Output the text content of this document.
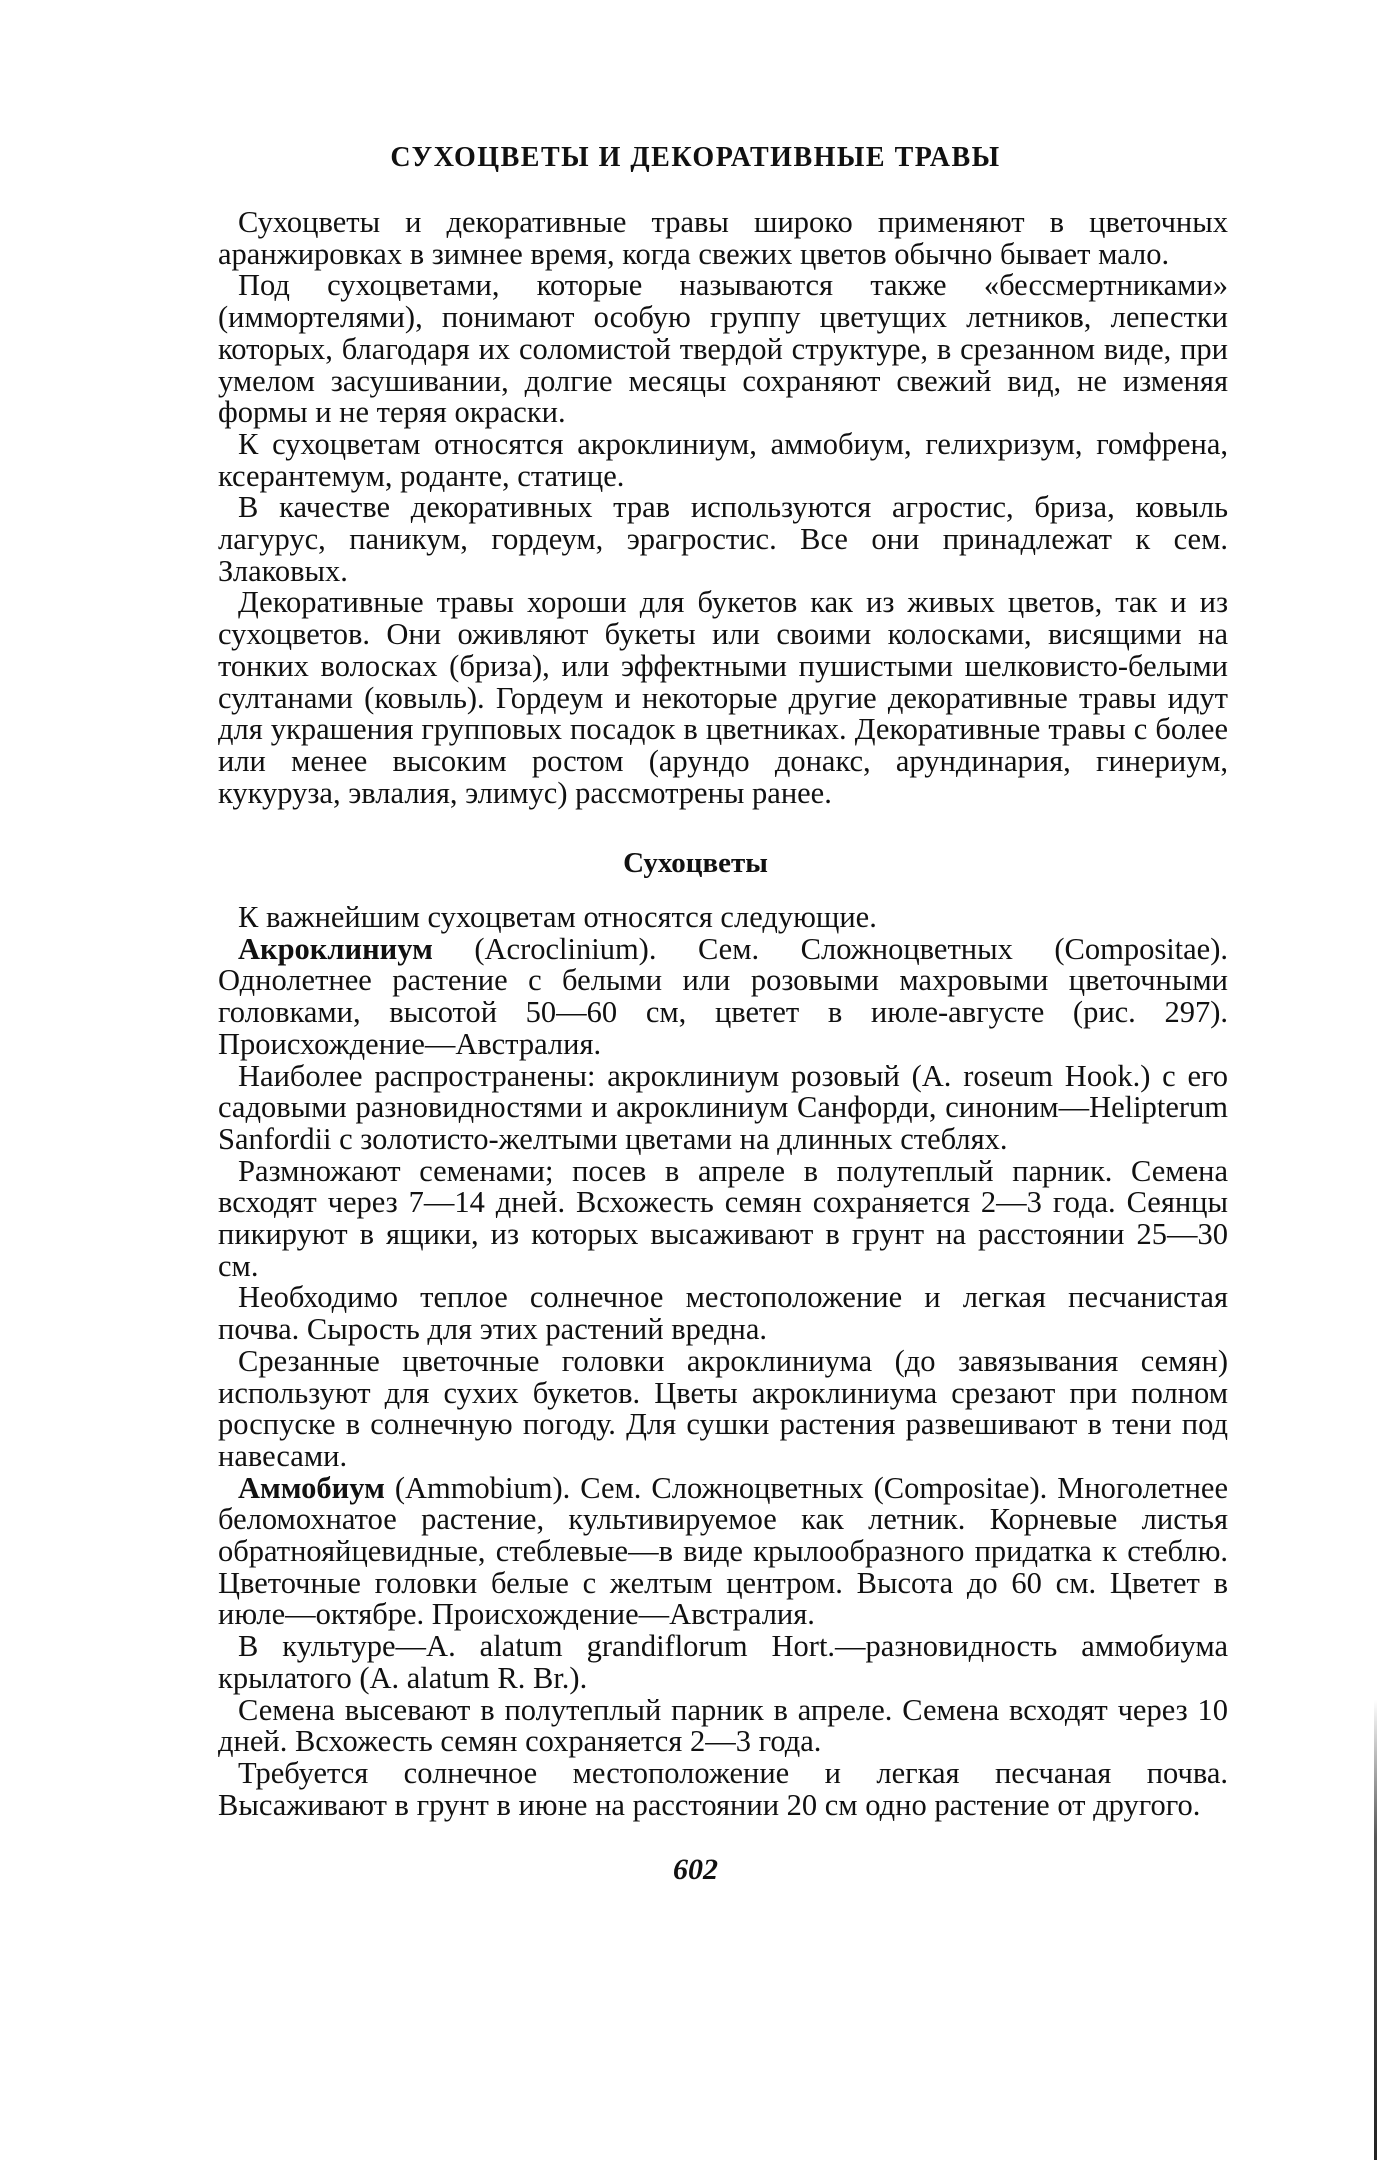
СУХОЦВЕТЫ И ДЕКОРАТИВНЫЕ ТРАВЫ

Сухоцветы и декоративные травы широко применяют в цветочных аранжировках в зимнее время, когда свежих цветов обычно бывает мало.

Под сухоцветами, которые называются также «бессмертниками» (иммортелями), понимают особую группу цветущих летников, лепестки которых, благодаря их соломистой твердой структуре, в срезанном виде, при умелом засушивании, долгие месяцы сохраняют свежий вид, не изменяя формы и не теряя окраски.

К сухоцветам относятся акроклиниум, аммобиум, гелихризум, гомфрена, ксерантемум, роданте, статице.

В качестве декоративных трав используются агростис, бриза, ковыль лагурус, паникум, гордеум, эрагростис. Все они принадлежат к сем. Злаковых.

Декоративные травы хороши для букетов как из живых цветов, так и из сухоцветов. Они оживляют букеты или своими колосками, висящими на тонких волосках (бриза), или эффектными пушистыми шелковисто-белыми султанами (ковыль). Гордеум и некоторые другие декоративные травы идут для украшения групповых посадок в цветниках. Декоративные травы с более или менее высоким ростом (арундо донакс, арундинария, гинериум, кукуруза, эвлалия, элимус) рассмотрены ранее.

Сухоцветы

К важнейшим сухоцветам относятся следующие.

Акроклиниум (Acroclinium). Сем. Сложноцветных (Compositae). Однолетнее растение с белыми или розовыми махровыми цветочными головками, высотой 50—60 см, цветет в июле-августе (рис. 297). Происхождение—Австралия.

Наиболее распространены: акроклиниум розовый (A. roseum Hook.) с его садовыми разновидностями и акроклиниум Санфорди, синоним—Helipterum Sanfordii с золотисто-желтыми цветами на длинных стеблях.

Размножают семенами; посев в апреле в полутеплый парник. Семена всходят через 7—14 дней. Всхожесть семян сохраняется 2—3 года. Сеянцы пикируют в ящики, из которых высаживают в грунт на расстоянии 25—30 см.

Необходимо теплое солнечное местоположение и легкая песчанистая почва. Сырость для этих растений вредна.

Срезанные цветочные головки акроклиниума (до завязывания семян) используют для сухих букетов. Цветы акроклиниума срезают при полном роспуске в солнечную погоду. Для сушки растения развешивают в тени под навесами.

Аммобиум (Ammobium). Сем. Сложноцветных (Compositae). Многолетнее беломохнатое растение, культивируемое как летник. Корневые листья обратнояйцевидные, стеблевые—в виде крылообразного придатка к стеблю. Цветочные головки белые с желтым центром. Высота до 60 см. Цветет в июле—октябре. Происхождение—Австралия.

В культуре—A. alatum grandiflorum Hort.—разновидность аммобиума крылатого (A. alatum R. Br.).

Семена высевают в полутеплый парник в апреле. Семена всходят через 10 дней. Всхожесть семян сохраняется 2—3 года.

Требуется солнечное местоположение и легкая песчаная почва. Высаживают в грунт в июне на расстоянии 20 см одно растение от другого.

602
